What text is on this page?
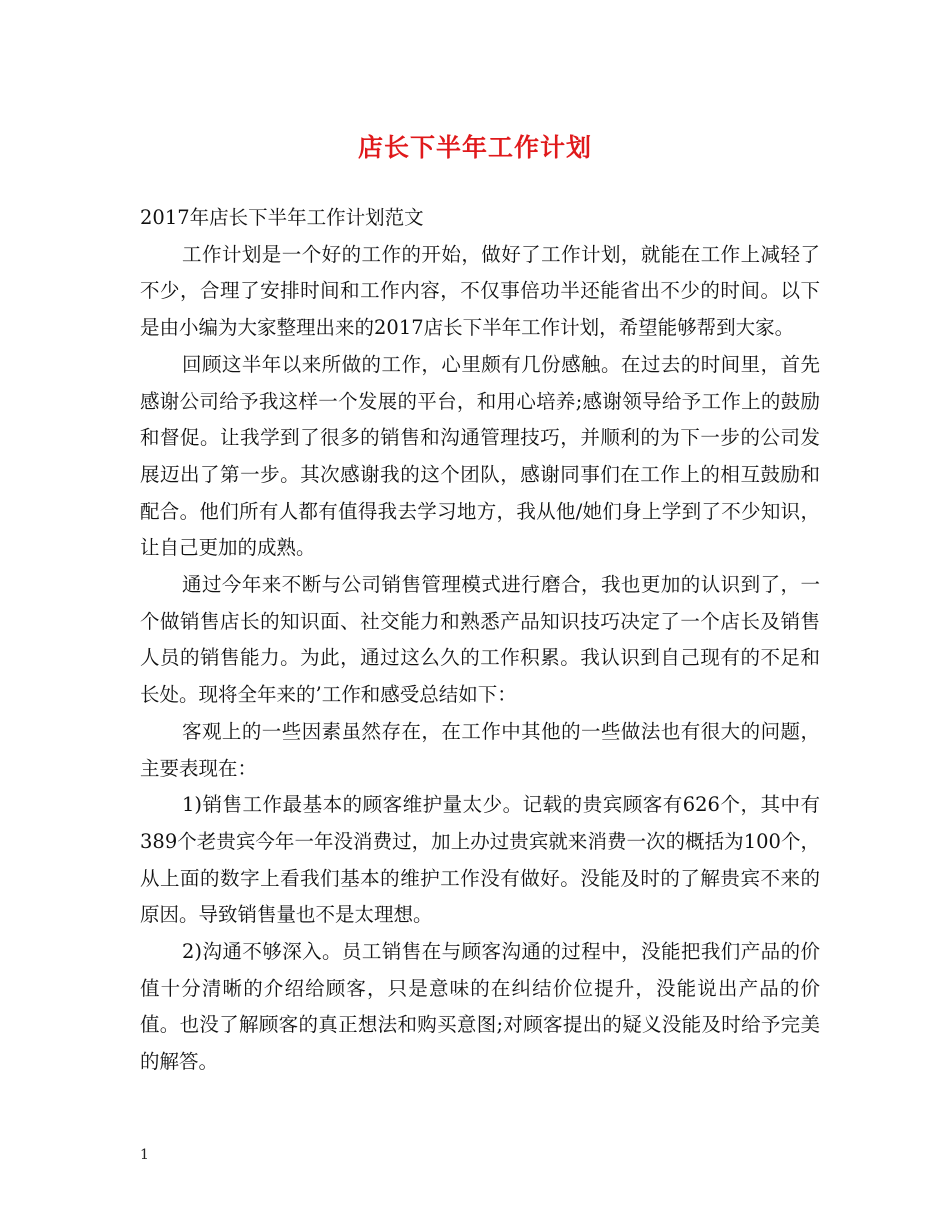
店长下半年工作计划

2017年店长下半年工作计划范文

工作计划是一个好的工作的开始，做好了工作计划，就能在工作上减轻了不少，合理了安排时间和工作内容，不仅事倍功半还能省出不少的时间。以下是由小编为大家整理出来的2017店长下半年工作计划，希望能够帮到大家。

回顾这半年以来所做的工作，心里颇有几份感触。在过去的时间里，首先感谢公司给予我这样一个发展的平台，和用心培养;感谢领导给予工作上的鼓励和督促。让我学到了很多的销售和沟通管理技巧，并顺利的为下一步的公司发展迈出了第一步。其次感谢我的这个团队，感谢同事们在工作上的相互鼓励和配合。他们所有人都有值得我去学习地方，我从他/她们身上学到了不少知识，让自己更加的成熟。

通过今年来不断与公司销售管理模式进行磨合，我也更加的认识到了，一个做销售店长的知识面、社交能力和熟悉产品知识技巧决定了一个店长及销售人员的销售能力。为此，通过这么久的工作积累。我认识到自己现有的不足和长处。现将全年来的’工作和感受总结如下：

客观上的一些因素虽然存在，在工作中其他的一些做法也有很大的问题，主要表现在：

1)销售工作最基本的顾客维护量太少。记载的贵宾顾客有626个，其中有389个老贵宾今年一年没消费过，加上办过贵宾就来消费一次的概括为100个，从上面的数字上看我们基本的维护工作没有做好。没能及时的了解贵宾不来的原因。导致销售量也不是太理想。

2)沟通不够深入。员工销售在与顾客沟通的过程中，没能把我们产品的价值十分清晰的介绍给顾客，只是意味的在纠结价位提升，没能说出产品的价值。也没了解顾客的真正想法和购买意图;对顾客提出的疑义没能及时给予完美的解答。

1
